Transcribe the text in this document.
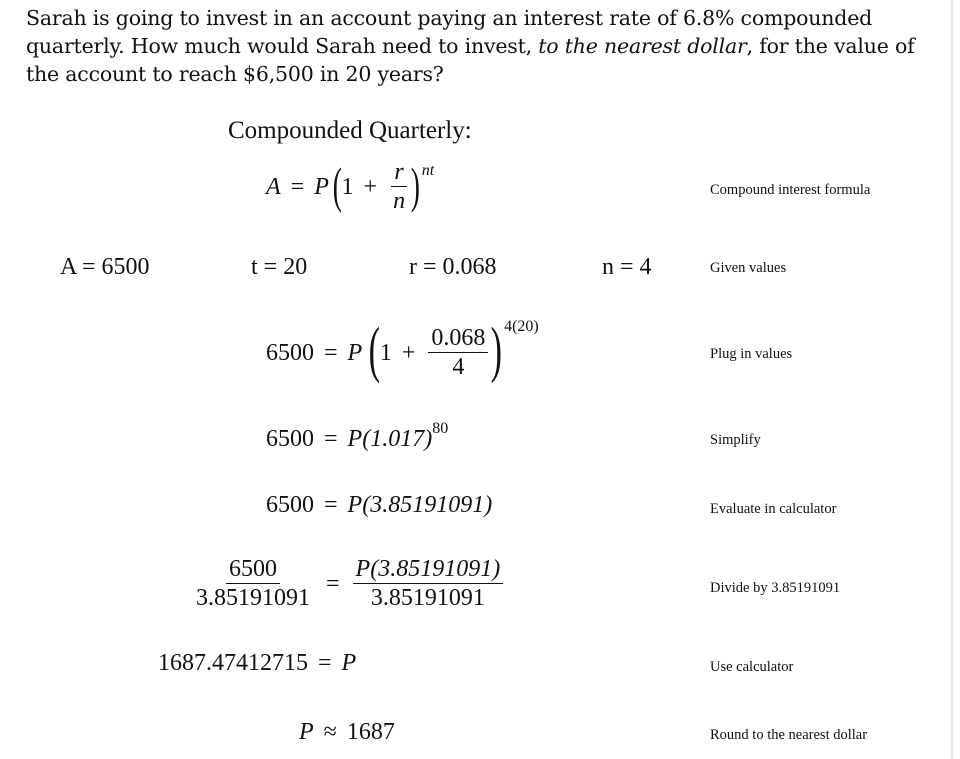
Sarah is going to invest in an account paying an interest rate of 6.8% compounded quarterly. How much would Sarah need to invest, to the nearest dollar, for the value of the account to reach $6,500 in 20 years?
Compounded Quarterly:
A = P ( $1 + \frac{r}{n}$ ) $^{nt}$
Compound interest formula
A = 6500	t = 20	r = 0.068	n = 4	Given values
6500 = P ( $1 + \frac{0.068}{4}$ ) $^{4(20)}$
Plug in values
$6500 = P(1.017)^{80}$
Simplify
6500 = P(3.85191091)	Evaluate in calculator
$\frac{6500}{3.85191091} = \frac{P(3.85191091)}{3.85191091}$	Divide by 3.85191091
1687.47412715 = P	Use calculator
P ≈ 1687	Round to the nearest dollar
